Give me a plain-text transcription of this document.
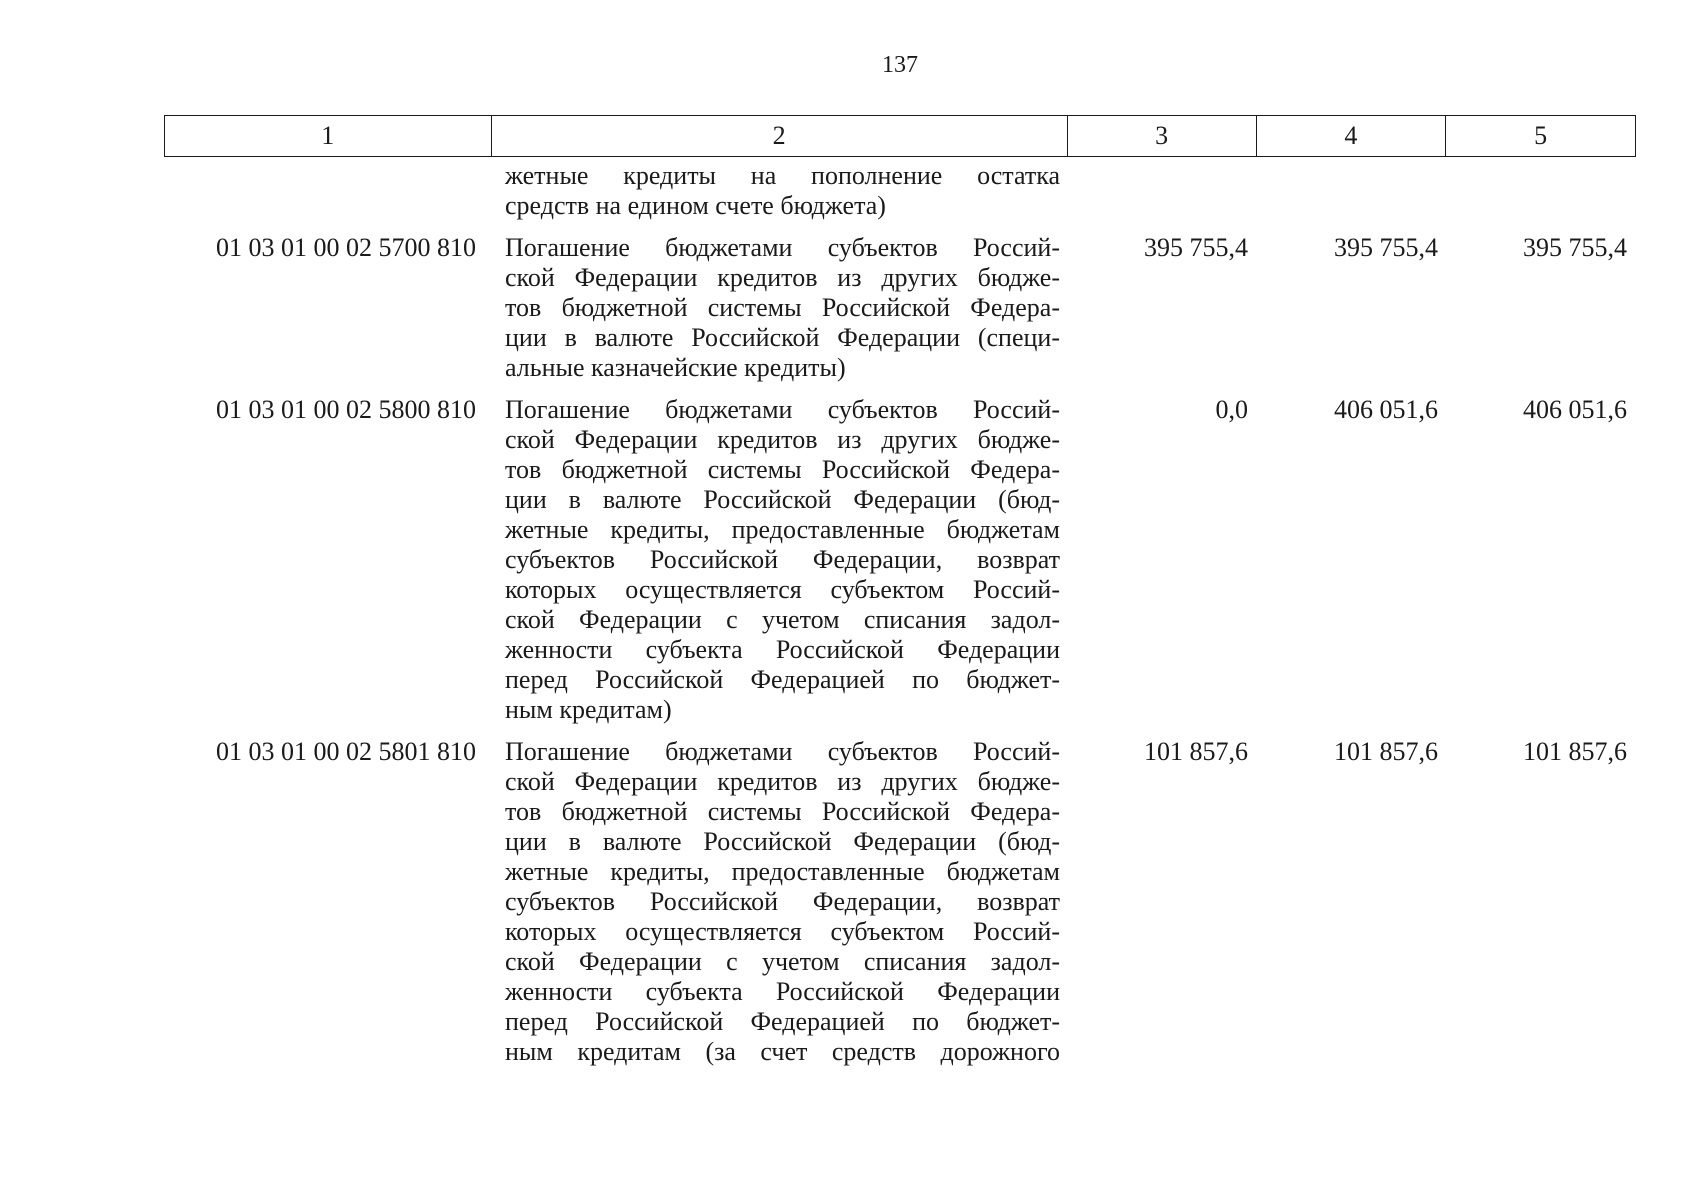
137
1	2	3	4	5
жетные кредиты на пополнение остатка
средств на едином счете бюджета)
01 03 01 00 02 5700 810	Погашение бюджетами субъектов Россий-
ской Федерации кредитов из других бюдже-
тов бюджетной системы Российской Федера-
ции в валюте Российской Федерации (специ-
альные казначейские кредиты)
395 755,4	395 755,4	395 755,4
01 03 01 00 02 5800 810	Погашение бюджетами субъектов Россий-
ской Федерации кредитов из других бюдже-
тов бюджетной системы Российской Федера-
ции в валюте Российской Федерации (бюд-
жетные кредиты, предоставленные бюджетам
субъектов Российской Федерации, возврат
которых осуществляется субъектом Россий-
ской Федерации с учетом списания задол-
женности субъекта Российской Федерации
перед Российской Федерацией по бюджет-
ным кредитам)
0,0	406 051,6	406 051,6
01 03 01 00 02 5801 810	Погашение бюджетами субъектов Россий-
ской Федерации кредитов из других бюдже-
тов бюджетной системы Российской Федера-
ции в валюте Российской Федерации (бюд-
жетные кредиты, предоставленные бюджетам
субъектов Российской Федерации, возврат
которых осуществляется субъектом Россий-
ской Федерации с учетом списания задол-
женности субъекта Российской Федерации
перед Российской Федерацией по бюджет-
ным кредитам (за счет средств дорожного
101 857,6	101 857,6	101 857,6
